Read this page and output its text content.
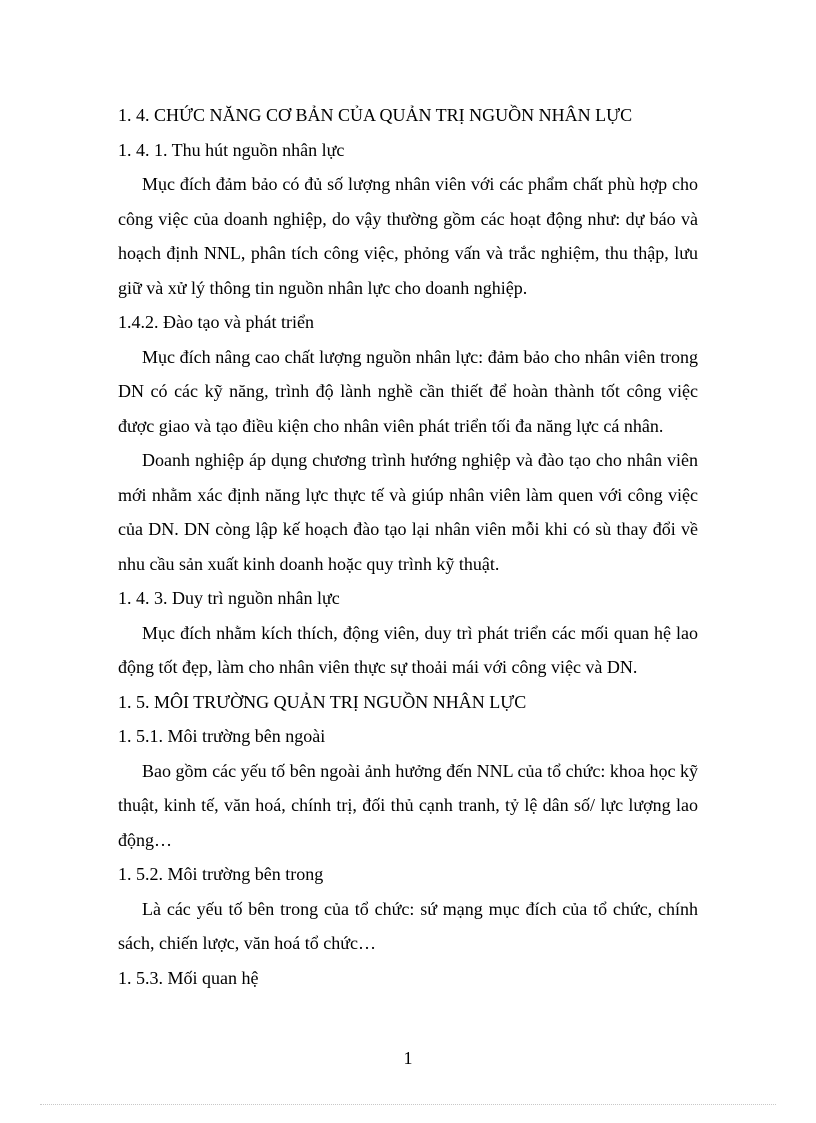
1. 4. CHỨC NĂNG CƠ BẢN CỦA QUẢN TRỊ NGUỒN NHÂN LỰC

1. 4. 1. Thu hút nguồn nhân lực

Mục đích đảm bảo có đủ số lượng nhân viên với các phẩm chất phù hợp cho công việc của doanh nghiệp, do vậy thường gồm các hoạt động như: dự báo và hoạch định NNL, phân tích công việc, phỏng vấn và trắc nghiệm, thu thập, lưu giữ và xử lý thông tin nguồn nhân lực cho doanh nghiệp.

1.4.2. Đào tạo và phát triển

Mục đích nâng cao chất lượng nguồn nhân lực: đảm bảo cho nhân viên trong DN có các kỹ năng, trình độ lành nghề cần thiết để hoàn thành tốt công việc được giao và tạo điều kiện cho nhân viên phát triển tối đa năng lực cá nhân.

Doanh nghiệp áp dụng chương trình hướng nghiệp và đào tạo cho nhân viên mới nhằm xác định năng lực thực tế và giúp nhân viên làm quen với công việc của DN. DN còng lập kế hoạch đào tạo lại nhân viên mỗi khi có sù thay đổi về nhu cầu sản xuất kinh doanh hoặc quy trình kỹ thuật.

1. 4. 3. Duy trì nguồn nhân lực

Mục đích nhằm kích thích, động viên, duy trì phát triển các mối quan hệ lao động tốt đẹp, làm cho nhân viên thực sự thoải mái với công việc và DN.

1. 5. MÔI TRƯỜNG QUẢN TRỊ NGUỒN NHÂN LỰC

1. 5.1. Môi trường bên ngoài

Bao gồm các yếu tố bên ngoài ảnh hưởng đến NNL của tổ chức: khoa học kỹ thuật, kinh tế, văn hoá, chính trị, đối thủ cạnh tranh, tỷ lệ dân số/ lực lượng lao động…

1. 5.2. Môi trường bên trong

Là các yếu tố bên trong của tổ chức: sứ mạng mục đích của tổ chức, chính sách, chiến lược, văn hoá tổ chức…

1. 5.3. Mối quan hệ

1
